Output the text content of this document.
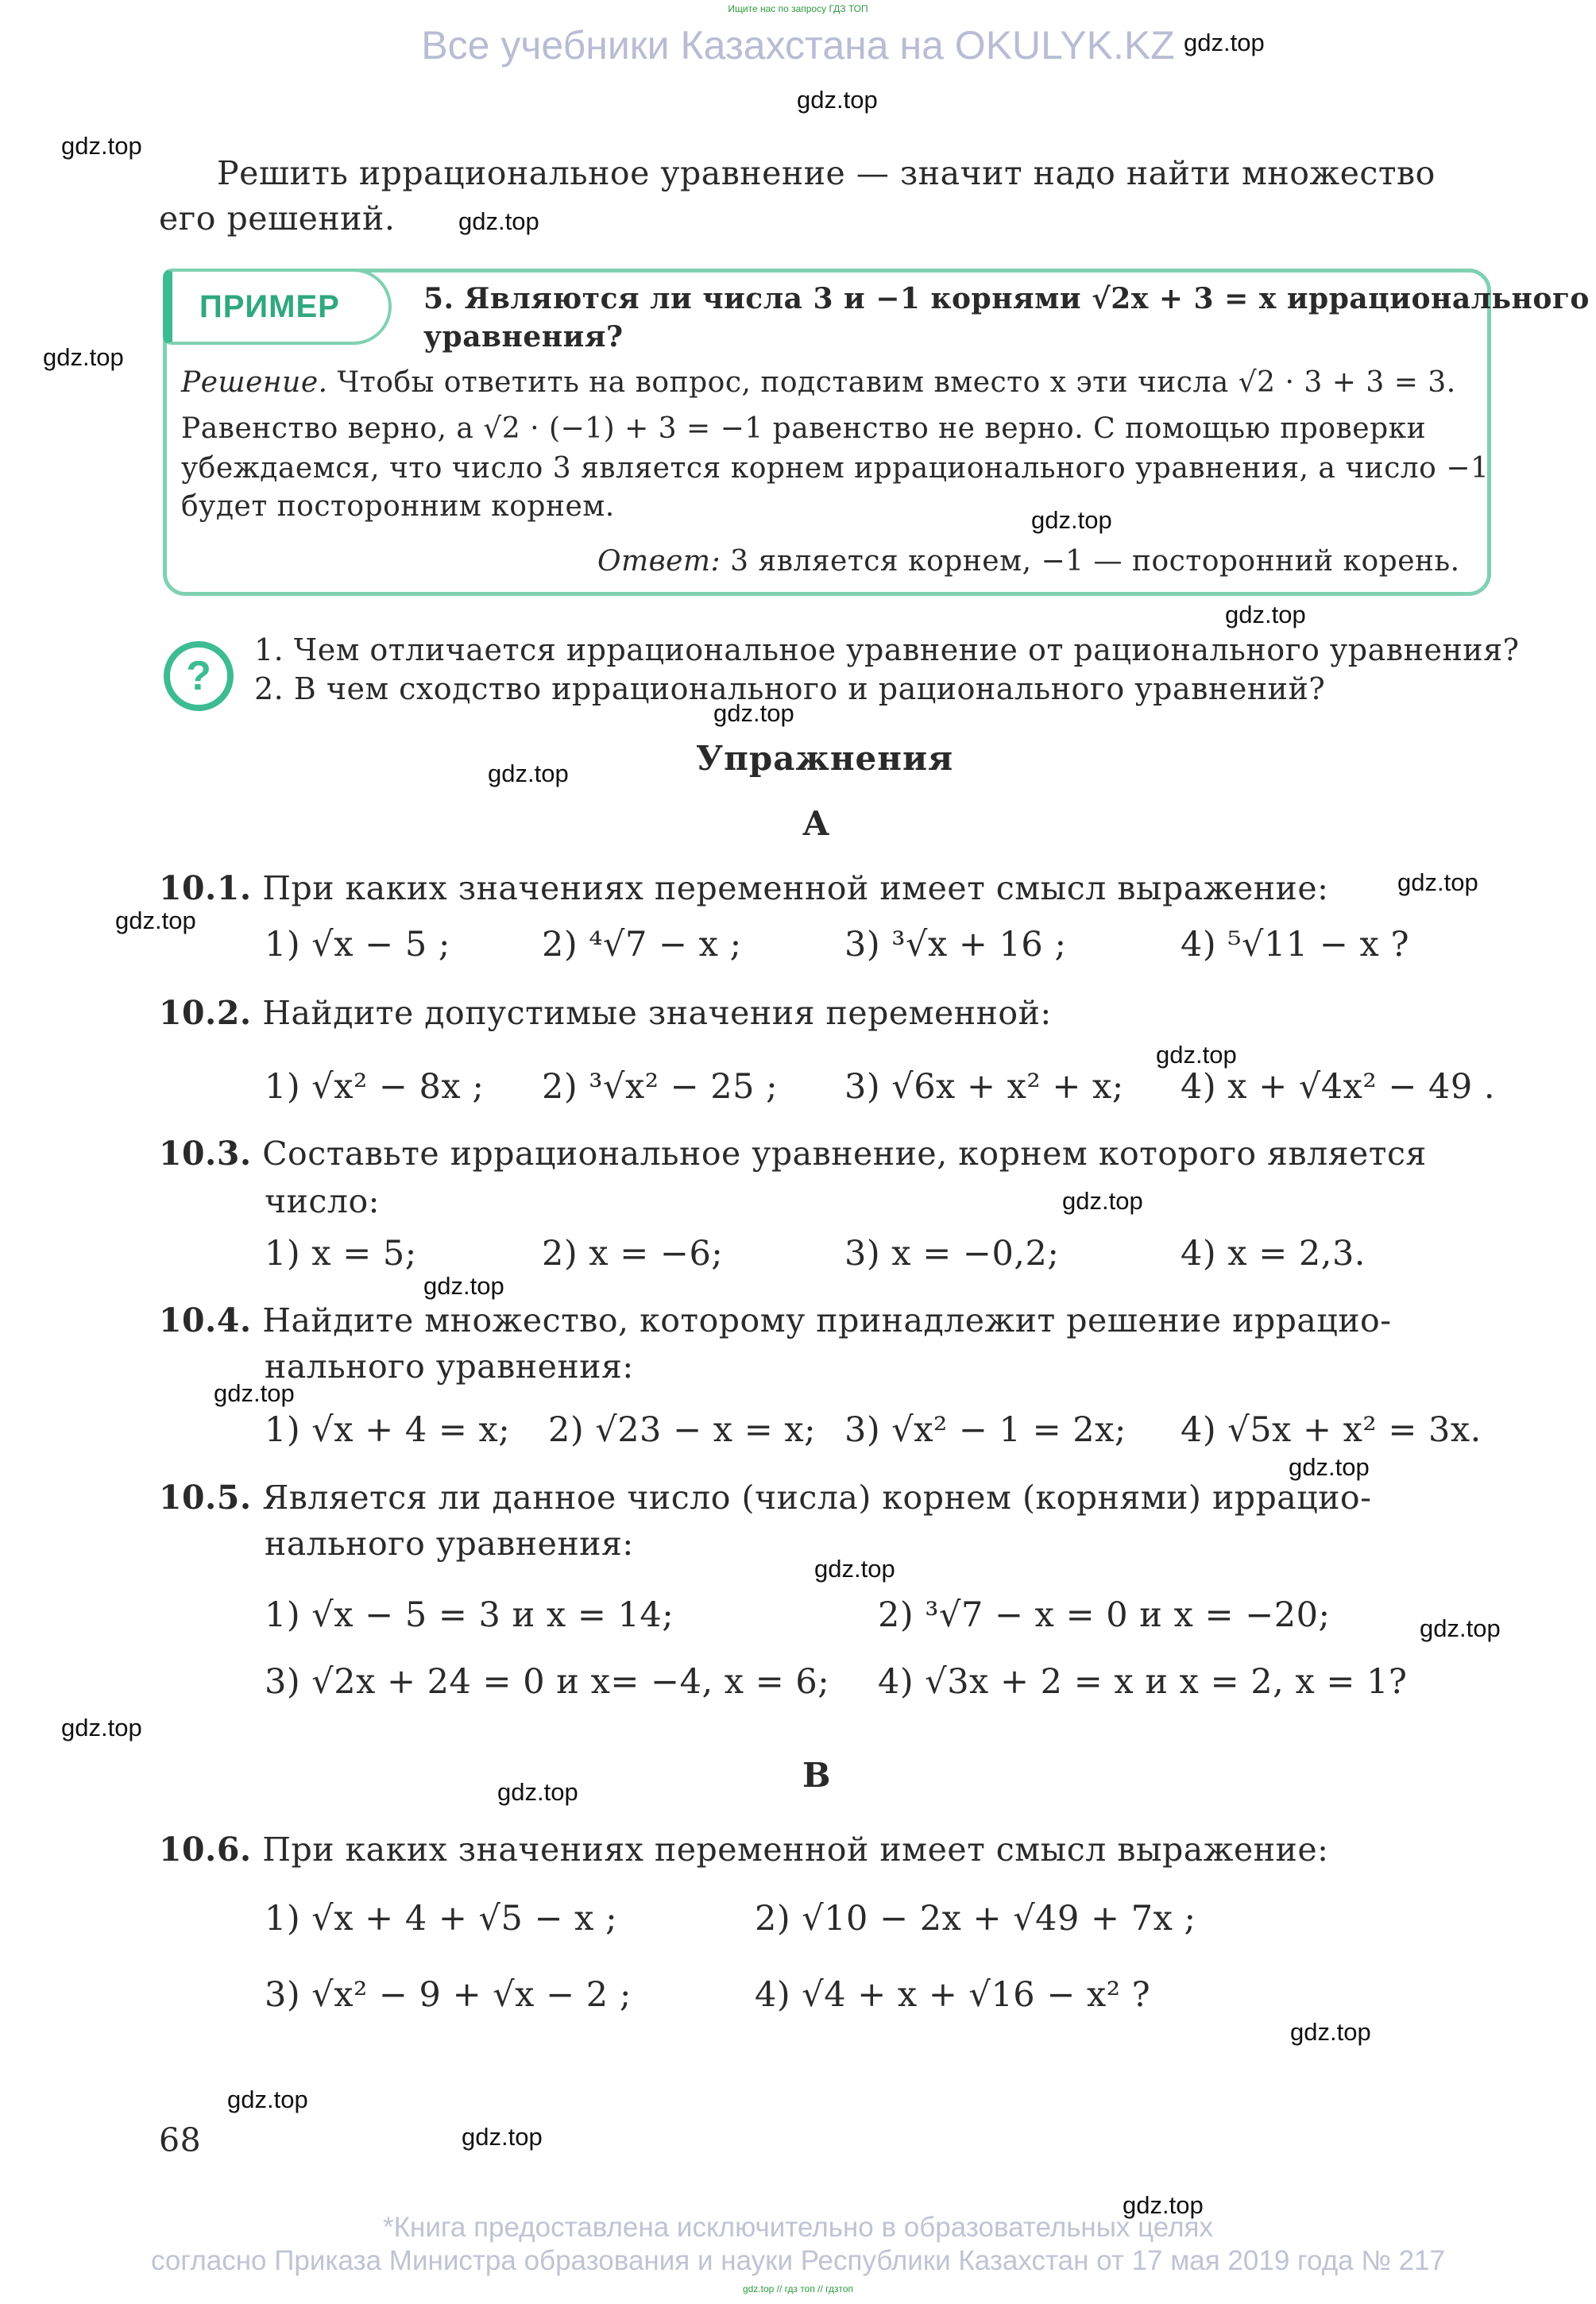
Ищите нас по запросу ГДЗ ТОП
Все учебники Казахстана на OKULYK.KZ gdz.top
gdz.top
gdz.top
gdz.top
gdz.top
gdz.top
gdz.top
gdz.top
gdz.top
gdz.top
gdz.top
gdz.top
gdz.top
gdz.top
gdz.top
gdz.top
gdz.top
gdz.top
gdz.top
gdz.top
gdz.top
gdz.top
gdz.top
gdz.top
Решить иррациональное уравнение — значит надо найти множество
его решений.
ПРИМЕР	5. Являются ли числа 3 и −1 корнями √2x + 3 = x иррационального
уравнения?
Решение. Чтобы ответить на вопрос, подставим вместо x эти числа √2 · 3 + 3 = 3.
Равенство верно, а √2 · (−1) + 3 = −1 равенство не верно. С помощью проверки
убеждаемся, что число 3 является корнем иррационального уравнения, а число −1
будет посторонним корнем.
Ответ: 3 является корнем, −1 — посторонний корень.
?
1. Чем отличается иррациональное уравнение от рационального уравнения?
2. В чем сходство иррационального и рационального уравнений?
Упражнения
А
10.1. При каких значениях переменной имеет смысл выражение:
1) √x − 5 ;	2) ⁴√7 − x ;	3) ³√x + 16 ;	4) ⁵√11 − x ?
10.2. Найдите допустимые значения переменной:
1) √x² − 8x ; 2) ³√x² − 25 ; 3) √6x + x² + x; 4) x + √4x² − 49 .
10.3. Составьте иррациональное уравнение, корнем которого является
число:
1) x = 5;	2) x = −6;	3) x = −0,2;	4) x = 2,3.
10.4. Найдите множество, которому принадлежит решение иррацио-
нального уравнения:
1) √x + 4 = x; 2) √23 − x = x; 3) √x² − 1 = 2x; 4) √5x + x² = 3x.
10.5. Является ли данное число (числа) корнем (корнями) иррацио-
нального уравнения:
1) √x − 5 = 3 и x = 14;	2) ³√7 − x = 0 и x = −20;
3) √2x + 24 = 0 и x= −4, x = 6; 4) √3x + 2 = x и x = 2, x = 1?
В
10.6. При каких значениях переменной имеет смысл выражение:
1) √x + 4 + √5 − x ;	2) √10 − 2x + √49 + 7x ;
3) √x² − 9 + √x − 2 ;	4) √4 + x + √16 − x² ?
68
*Книга предоставлена исключительно в образовательных целях
согласно Приказа Министра образования и науки Республики Казахстан от 17 мая 2019 года № 217
gdz.top // гдз топ // гдзтоп
